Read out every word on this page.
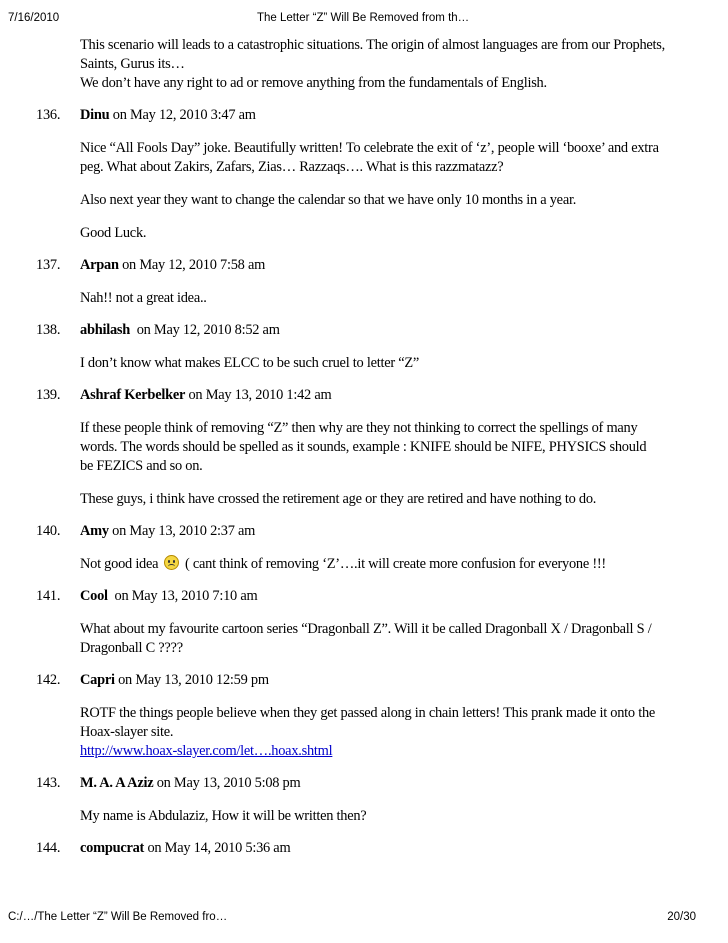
7/16/2010	The Letter “Z” Will Be Removed from th…
This scenario will leads to a catastrophic situations. The origin of almost languages are from our Prophets,
Saints, Gurus its…
We don’t have any right to ad or remove anything from the fundamentals of English.
136.	Dinu on May 12, 2010 3:47 am
Nice “All Fools Day” joke. Beautifully written! To celebrate the exit of ‘z’, people will ‘booxe’ and extra
peg. What about Zakirs, Zafars, Zias… Razzaqs…. What is this razzmatazz?
Also next year they want to change the calendar so that we have only 10 months in a year.
Good Luck.
137.	Arpan on May 12, 2010 7:58 am
Nah!! not a great idea..
138.	abhilash  on May 12, 2010 8:52 am
I don’t know what makes ELCC to be such cruel to letter “Z”
139.	Ashraf Kerbelker on May 13, 2010 1:42 am
If these people think of removing “Z” then why are they not thinking to correct the spellings of many
words. The words should be spelled as it sounds, example : KNIFE should be NIFE, PHYSICS should
be FEZICS and so on.
These guys, i think have crossed the retirement age or they are retired and have nothing to do.
140.	Amy on May 13, 2010 2:37 am
Not good idea
( cant think of removing ‘Z’….it will create more confusion for everyone !!!
141.	Cool  on May 13, 2010 7:10 am
What about my favourite cartoon series “Dragonball Z”. Will it be called Dragonball X / Dragonball S /
Dragonball C ????
142.	Capri on May 13, 2010 12:59 pm
ROTF the things people believe when they get passed along in chain letters! This prank made it onto the
Hoax-slayer site.
http://www.hoax-slayer.com/let….hoax.shtml
143.	M. A. A Aziz on May 13, 2010 5:08 pm
My name is Abdulaziz, How it will be written then?
144.	compucrat on May 14, 2010 5:36 am
C:/…/The Letter “Z” Will Be Removed fro…	20/30
